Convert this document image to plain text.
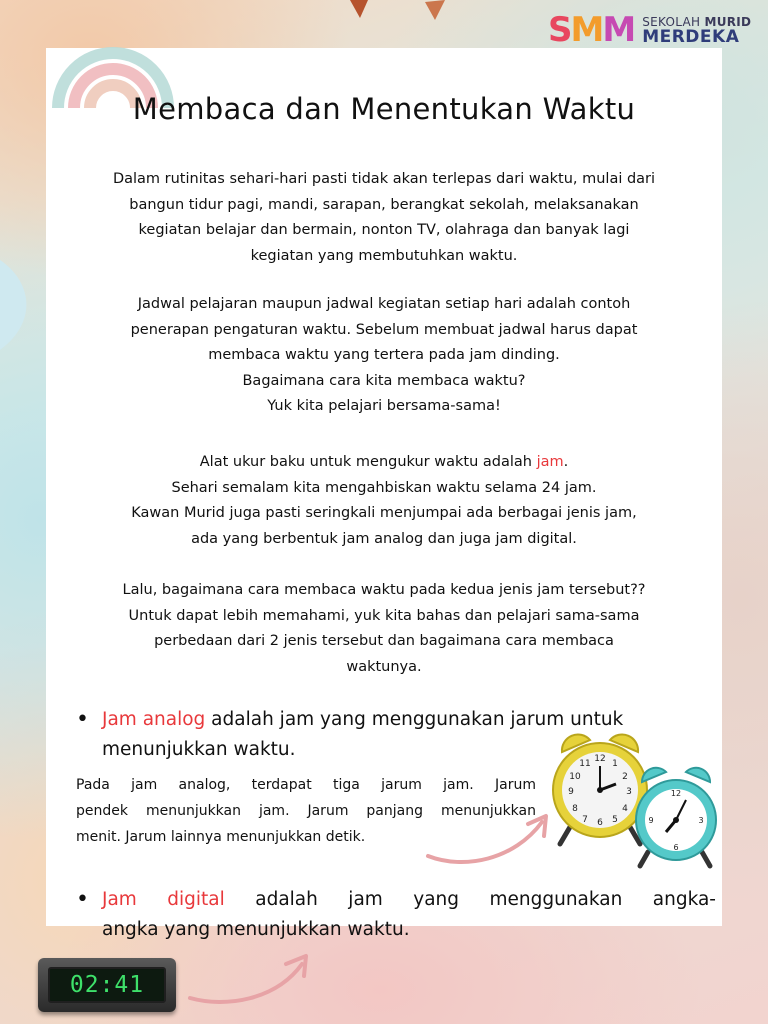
SMM SEKOLAH MURID
MERDEKA
Membaca dan Menentukan Waktu

Dalam rutinitas sehari-hari pasti tidak akan terlepas dari waktu, mulai dari
bangun tidur pagi, mandi, sarapan, berangkat sekolah, melaksanakan
kegiatan belajar dan bermain, nonton TV, olahraga dan banyak lagi
kegiatan yang membutuhkan waktu.

Jadwal pelajaran maupun jadwal kegiatan setiap hari adalah contoh
penerapan pengaturan waktu. Sebelum membuat jadwal harus dapat
membaca waktu yang tertera pada jam dinding.
Bagaimana cara kita membaca waktu?
Yuk kita pelajari bersama-sama!

Alat ukur baku untuk mengukur waktu adalah jam.
Sehari semalam kita mengahbiskan waktu selama 24 jam.
Kawan Murid juga pasti seringkali menjumpai ada berbagai jenis jam,
ada yang berbentuk jam analog dan juga jam digital.

Lalu, bagaimana cara membaca waktu pada kedua jenis jam tersebut??
Untuk dapat lebih memahami, yuk kita bahas dan pelajari sama-sama
perbedaan dari 2 jenis tersebut dan bagaimana cara membaca
waktunya.

• Jam analog adalah jam yang menggunakan jarum untuk
menunjukkan waktu.
Pada jam analog, terdapat tiga jarum jam. Jarum
pendek menunjukkan jam. Jarum panjang menunjukkan
menit. Jarum lainnya menunjukkan detik.
12
3
6
9
1
2
4
5
7
8
10
11
12
3
6
9
• Jam digital adalah jam yang menggunakan angka-
angka yang menunjukkan waktu.
02:41
